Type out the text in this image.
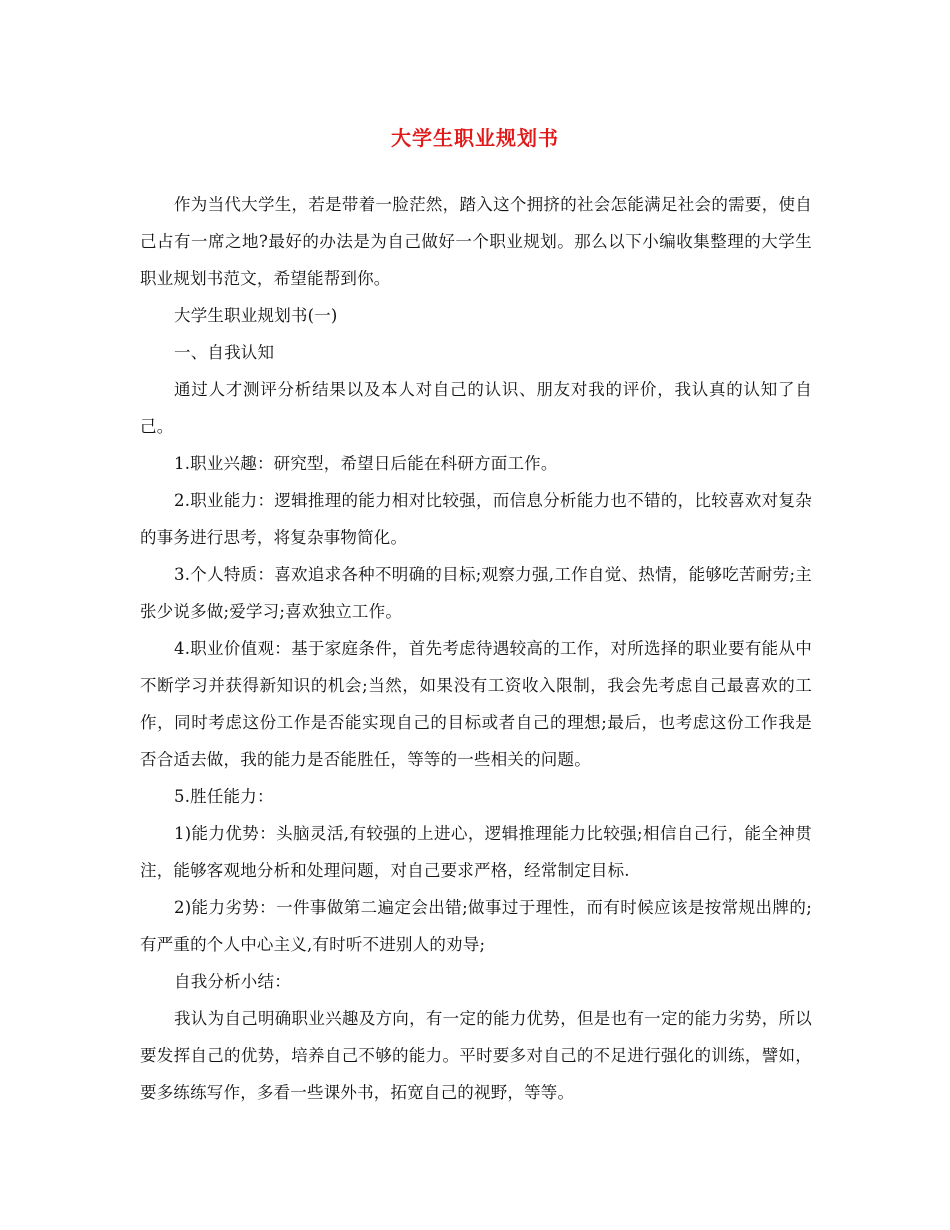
大学生职业规划书

作为当代大学生，若是带着一脸茫然，踏入这个拥挤的社会怎能满足社会的需要，使自己占有一席之地?最好的办法是为自己做好一个职业规划。那么以下小编收集整理的大学生职业规划书范文，希望能帮到你。

大学生职业规划书(一)

一、自我认知

通过人才测评分析结果以及本人对自己的认识、朋友对我的评价，我认真的认知了自己。

1.职业兴趣：研究型，希望日后能在科研方面工作。

2.职业能力：逻辑推理的能力相对比较强，而信息分析能力也不错的，比较喜欢对复杂的事务进行思考，将复杂事物简化。

3.个人特质：喜欢追求各种不明确的目标;观察力强,工作自觉、热情，能够吃苦耐劳;主张少说多做;爱学习;喜欢独立工作。

4.职业价值观：基于家庭条件，首先考虑待遇较高的工作，对所选择的职业要有能从中不断学习并获得新知识的机会;当然，如果没有工资收入限制，我会先考虑自己最喜欢的工作，同时考虑这份工作是否能实现自己的目标或者自己的理想;最后，也考虑这份工作我是否合适去做，我的能力是否能胜任，等等的一些相关的问题。

5.胜任能力：

1)能力优势：头脑灵活,有较强的上进心，逻辑推理能力比较强;相信自己行，能全神贯注，能够客观地分析和处理问题，对自己要求严格，经常制定目标.

2)能力劣势：一件事做第二遍定会出错;做事过于理性，而有时候应该是按常规出牌的;有严重的个人中心主义,有时听不进别人的劝导;

自我分析小结：

我认为自己明确职业兴趣及方向，有一定的能力优势，但是也有一定的能力劣势，所以要发挥自己的优势，培养自己不够的能力。平时要多对自己的不足进行强化的训练，譬如，要多练练写作，多看一些课外书，拓宽自己的视野，等等。
